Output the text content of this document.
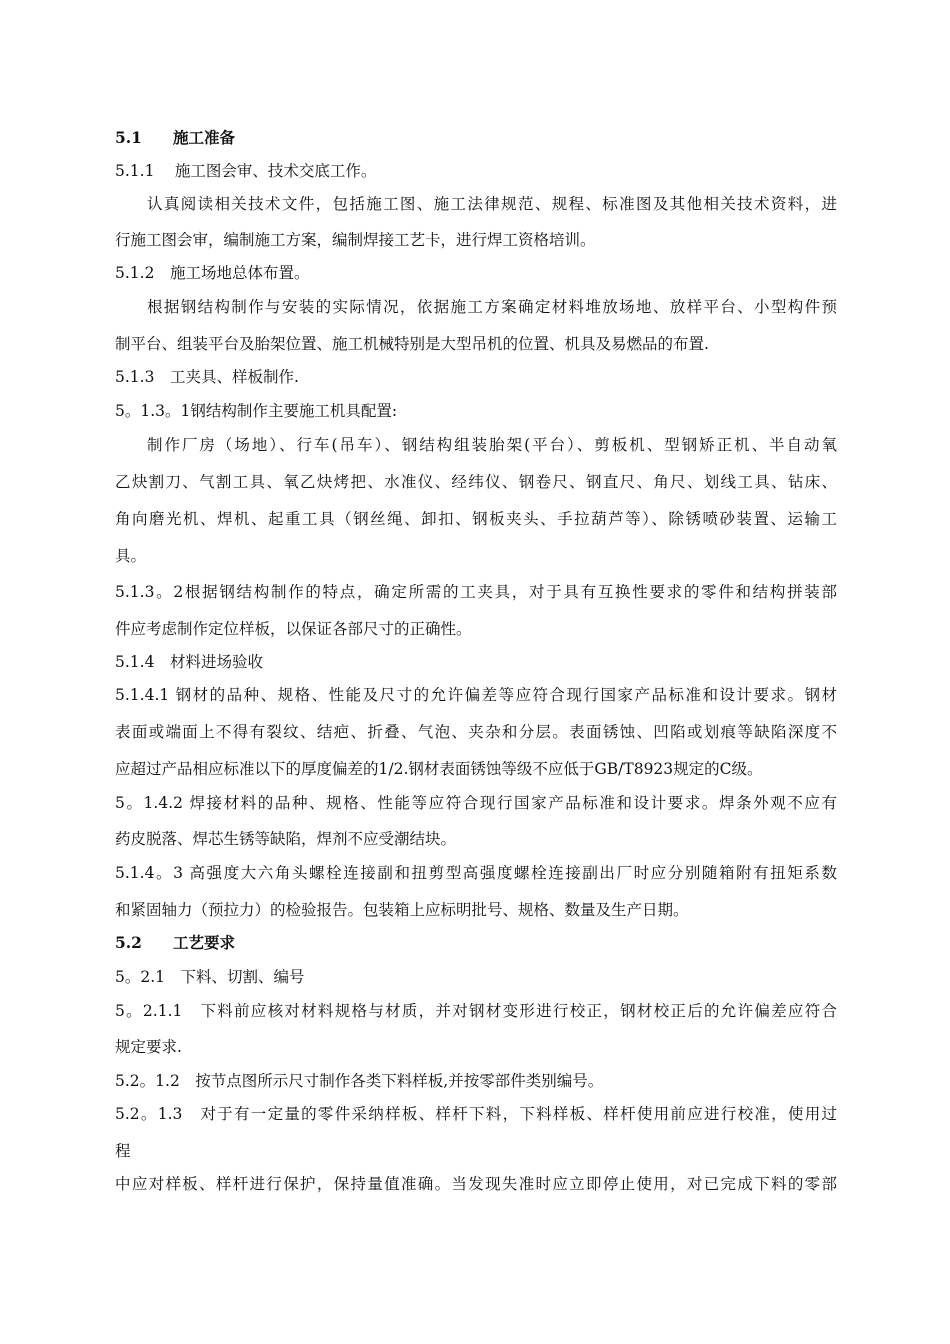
5.1　　施工准备
5.1.1 　施工图会审、技术交底工作。
认真阅读相关技术文件，包括施工图、施工法律规范、规程、标准图及其他相关技术资料，进
行施工图会审，编制施工方案，编制焊接工艺卡，进行焊工资格培训。
5.1.2　施工场地总体布置。
根据钢结构制作与安装的实际情况，依据施工方案确定材料堆放场地、放样平台、小型构件预
制平台、组装平台及胎架位置、施工机械特别是大型吊机的位置、机具及易燃品的布置.
5.1.3　工夹具、样板制作.
5。1.3。1钢结构制作主要施工机具配置:
制作厂房（场地）、行车(吊车）、钢结构组装胎架(平台）、剪板机、型钢矫正机、半自动氧
乙炔割刀、气割工具、氧乙炔烤把、水准仪、经纬仪、钢卷尺、钢直尺、角尺、划线工具、钻床、
角向磨光机、焊机、起重工具（钢丝绳、卸扣、钢板夹头、手拉葫芦等）、除锈喷砂装置、运输工
具。
5.1.3。2根据钢结构制作的特点，确定所需的工夹具，对于具有互换性要求的零件和结构拼装部
件应考虑制作定位样板，以保证各部尺寸的正确性。
5.1.4　材料进场验收
5.1.4.1 钢材的品种、规格、性能及尺寸的允许偏差等应符合现行国家产品标准和设计要求。钢材
表面或端面上不得有裂纹、结疤、折叠、气泡、夹杂和分层。表面锈蚀、凹陷或划痕等缺陷深度不
应超过产品相应标准以下的厚度偏差的1/2.钢材表面锈蚀等级不应低于GB/T8923规定的C级。
5。1.4.2 焊接材料的品种、规格、性能等应符合现行国家产品标准和设计要求。焊条外观不应有
药皮脱落、焊芯生锈等缺陷，焊剂不应受潮结块。
5.1.4。3 高强度大六角头螺栓连接副和扭剪型高强度螺栓连接副出厂时应分别随箱附有扭矩系数
和紧固轴力（预拉力）的检验报告。包装箱上应标明批号、规格、数量及生产日期。
5.2　　工艺要求
5。2.1　下料、切割、编号
5。2.1.1　下料前应核对材料规格与材质，并对钢材变形进行校正，钢材校正后的允许偏差应符合
规定要求.
5.2。1.2　按节点图所示尺寸制作各类下料样板,并按零部件类别编号。
5.2。1.3　对于有一定量的零件采纳样板、样杆下料，下料样板、样杆使用前应进行校准，使用过
程
中应对样板、样杆进行保护，保持量值准确。当发现失准时应立即停止使用，对已完成下料的零部
